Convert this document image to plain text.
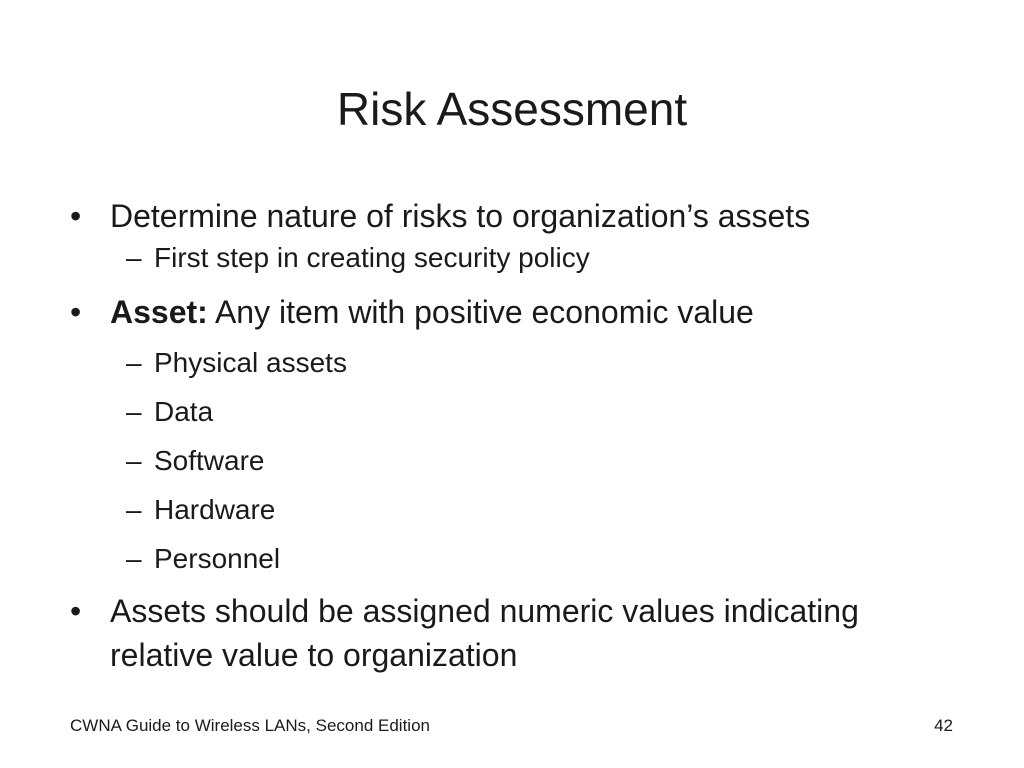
Risk Assessment
• Determine nature of risks to organization’s assets
– First step in creating security policy
• Asset: Any item with positive economic value
– Physical assets
– Data
– Software
– Hardware
– Personnel
• Assets should be assigned numeric values indicating relative value to organization
CWNA Guide to Wireless LANs, Second Edition	42
